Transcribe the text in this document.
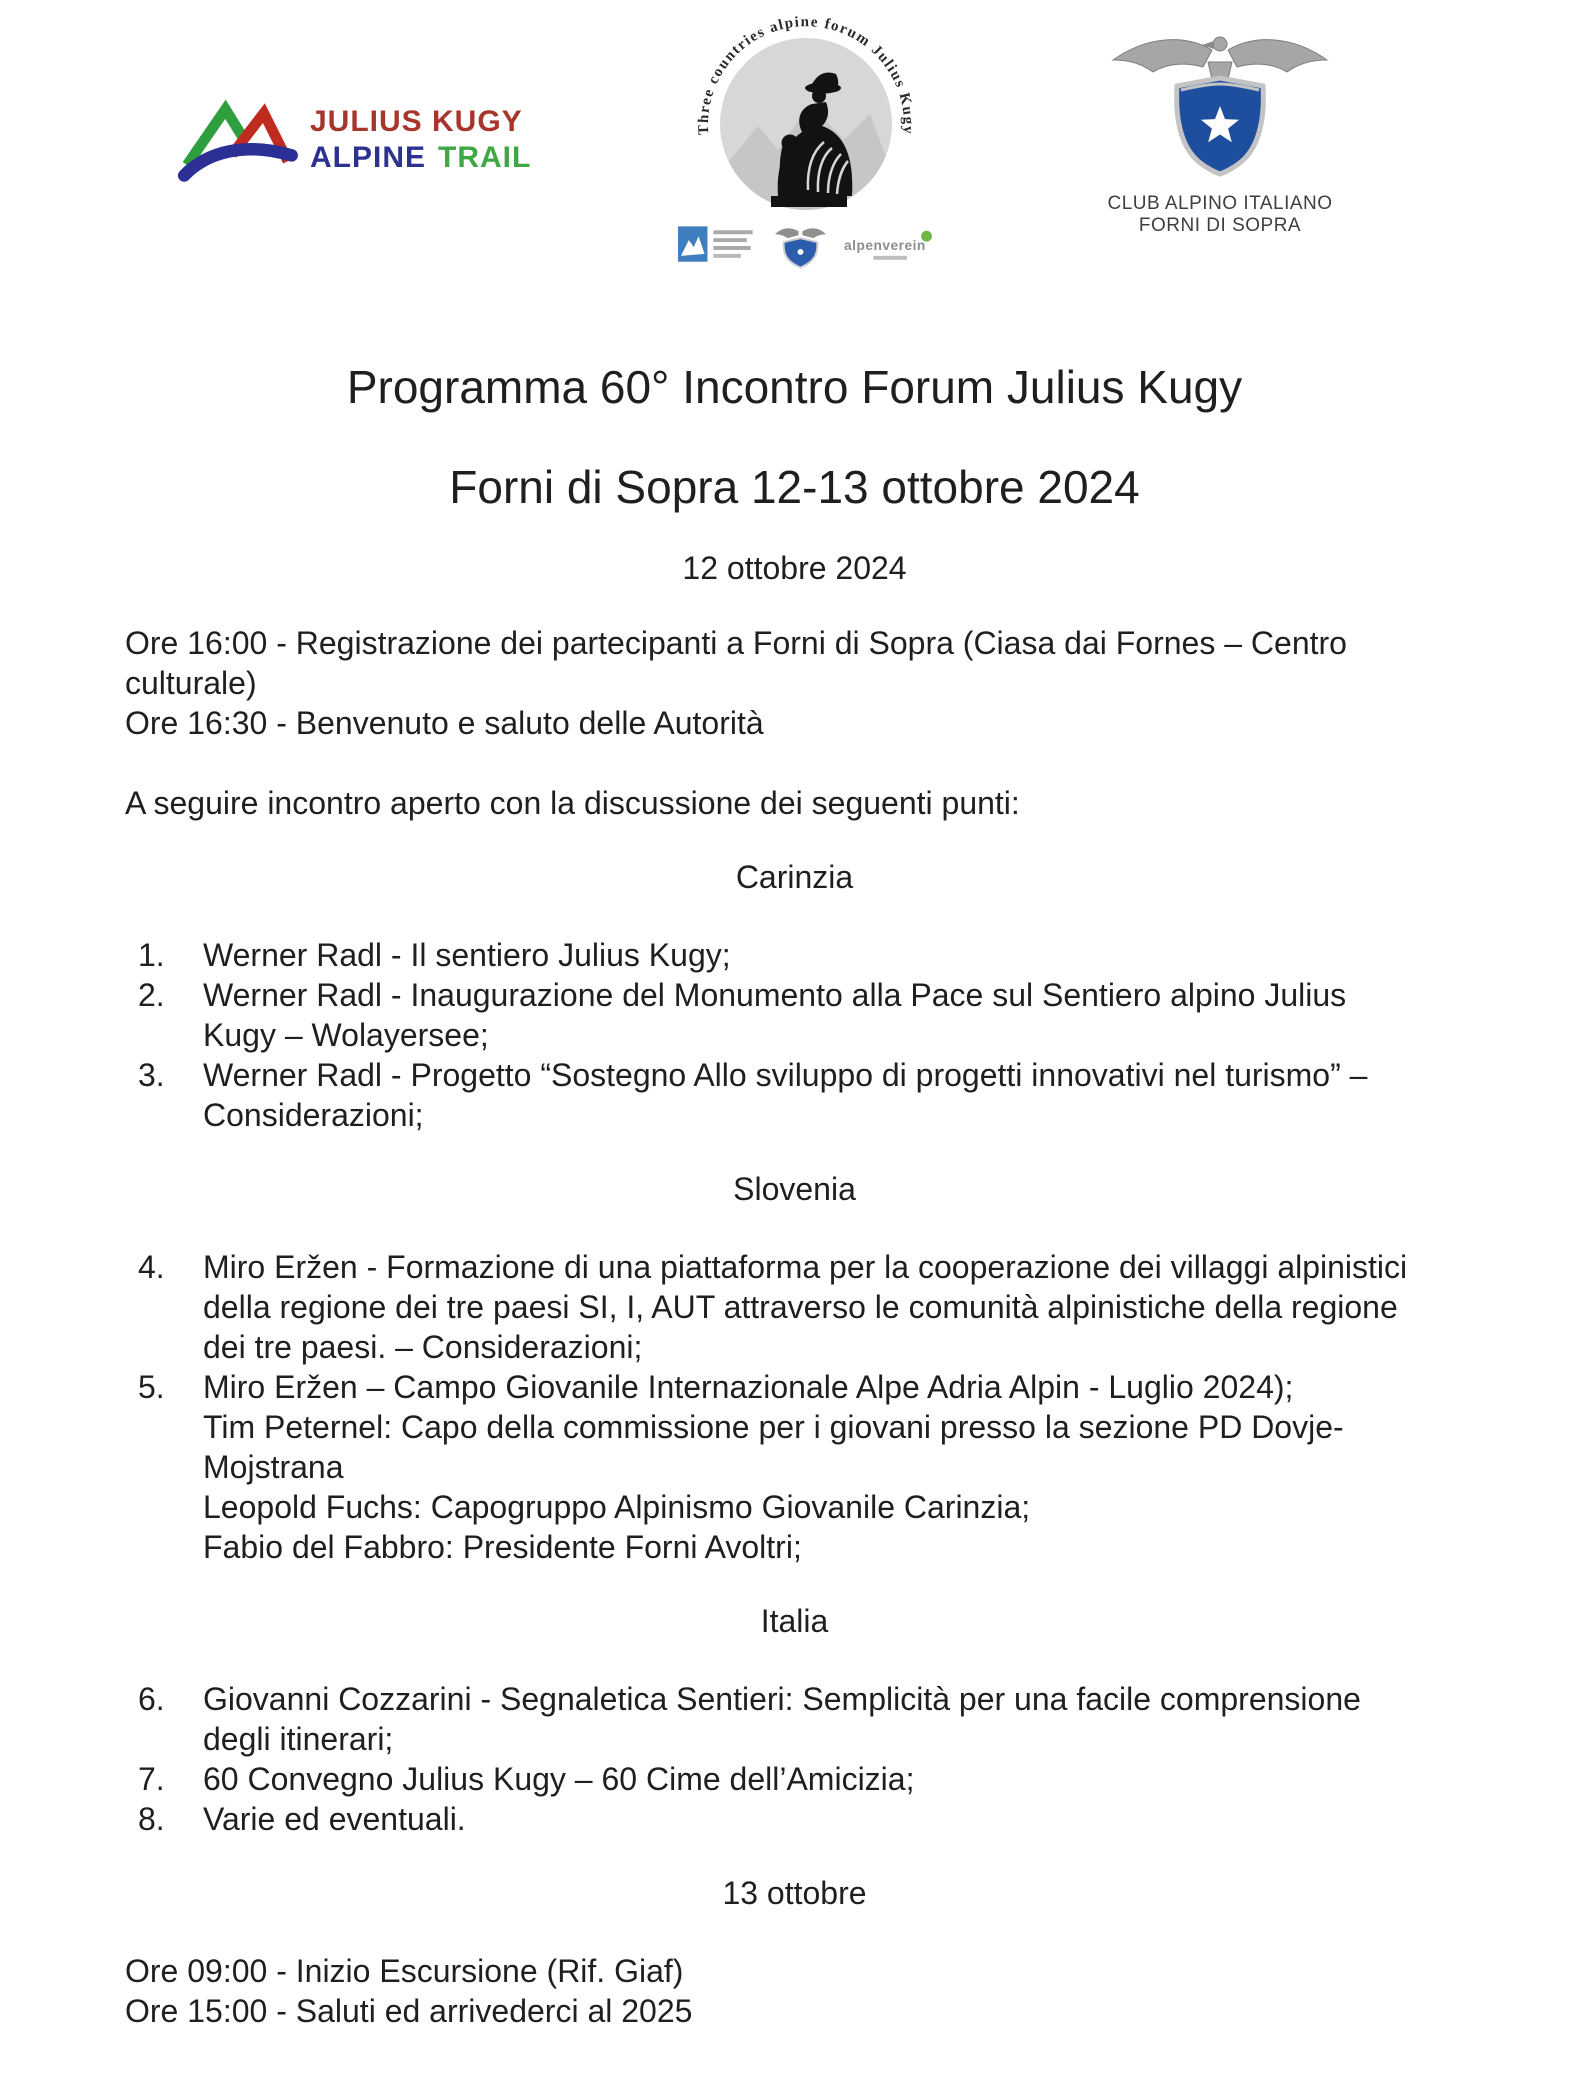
JULIUS KUGY
ALPINE TRAIL
Three countries alpine forum Julius Kugy
alpenverein
CLUB ALPINO ITALIANO
FORNI DI SOPRA
Programma 60° Incontro Forum Julius Kugy
Forni di Sopra 12-13 ottobre 2024
12 ottobre 2024
Ore 16:00 - Registrazione dei partecipanti a Forni di Sopra (Ciasa dai Fornes – Centro
culturale)
Ore 16:30 - Benvenuto e saluto delle Autorità
A seguire incontro aperto con la discussione dei seguenti punti:
Carinzia
1.	Werner Radl - Il sentiero Julius Kugy;
2.	Werner Radl - Inaugurazione del Monumento alla Pace sul Sentiero alpino Julius
Kugy – Wolayersee;
3.	Werner Radl - Progetto “Sostegno Allo sviluppo di progetti innovativi nel turismo” –
Considerazioni;
Slovenia
4.	Miro Eržen - Formazione di una piattaforma per la cooperazione dei villaggi alpinistici
della regione dei tre paesi SI, I, AUT attraverso le comunità alpinistiche della regione
dei tre paesi. – Considerazioni;
5.	Miro Eržen – Campo Giovanile Internazionale Alpe Adria Alpin - Luglio 2024);
Tim Peternel: Capo della commissione per i giovani presso la sezione PD Dovje-
Mojstrana
Leopold Fuchs: Capogruppo Alpinismo Giovanile Carinzia;
Fabio del Fabbro: Presidente Forni Avoltri;
Italia
6.	Giovanni Cozzarini - Segnaletica Sentieri: Semplicità per una facile comprensione
degli itinerari;
7.	60 Convegno Julius Kugy – 60 Cime dell’Amicizia;
8.	Varie ed eventuali.
13 ottobre
Ore 09:00 - Inizio Escursione (Rif. Giaf)
Ore 15:00 - Saluti ed arrivederci al 2025
